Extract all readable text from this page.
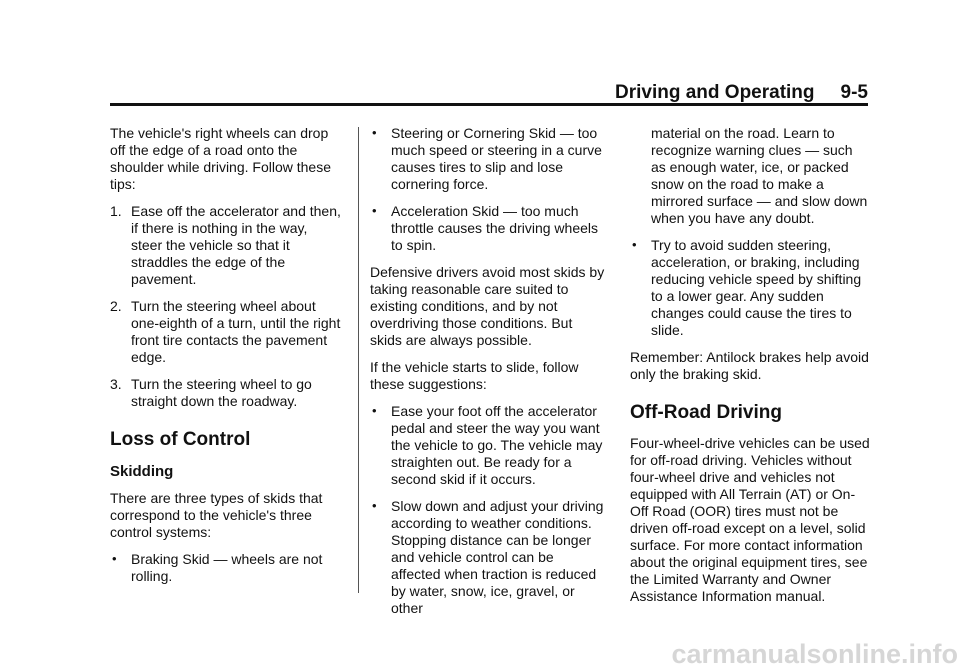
Driving and Operating 9-5

The vehicle's right wheels can drop off the edge of a road onto the shoulder while driving. Follow these tips:

1. Ease off the accelerator and then, if there is nothing in the way, steer the vehicle so that it straddles the edge of the pavement.
2. Turn the steering wheel about one-eighth of a turn, until the right front tire contacts the pavement edge.
3. Turn the steering wheel to go straight down the roadway.
Loss of Control
Skidding

There are three types of skids that correspond to the vehicle's three control systems:

• Braking Skid — wheels are not rolling.
• Steering or Cornering Skid — too much speed or steering in a curve causes tires to slip and lose cornering force.
• Acceleration Skid — too much throttle causes the driving wheels to spin.

Defensive drivers avoid most skids by taking reasonable care suited to existing conditions, and by not overdriving those conditions. But skids are always possible.

If the vehicle starts to slide, follow these suggestions:

• Ease your foot off the accelerator pedal and steer the way you want the vehicle to go. The vehicle may straighten out. Be ready for a second skid if it occurs.
• Slow down and adjust your driving according to weather conditions. Stopping distance can be longer and vehicle control can be affected when traction is reduced by water, snow, ice, gravel, or other
material on the road. Learn to recognize warning clues — such as enough water, ice, or packed snow on the road to make a mirrored surface — and slow down when you have any doubt.
• Try to avoid sudden steering, acceleration, or braking, including reducing vehicle speed by shifting to a lower gear. Any sudden changes could cause the tires to slide.

Remember: Antilock brakes help avoid only the braking skid.

Off-Road Driving

Four-wheel-drive vehicles can be used for off-road driving. Vehicles without four-wheel drive and vehicles not equipped with All Terrain (AT) or On-Off Road (OOR) tires must not be driven off-road except on a level, solid surface. For more contact information about the original equipment tires, see the Limited Warranty and Owner Assistance Information manual.

carmanualsonline.info
